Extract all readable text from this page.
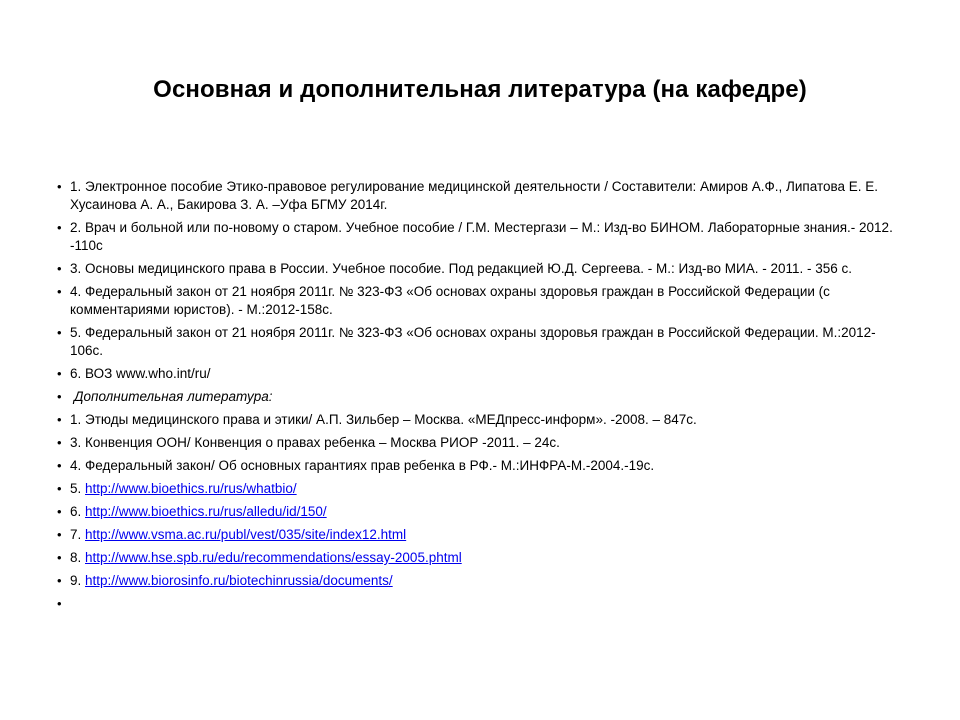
Основная и дополнительная литература (на кафедре)
• 1. Электронное пособие Этико-правовое регулирование медицинской деятельности / Составители: Амиров А.Ф., Липатова Е. Е. Хусаинова А. А., Бакирова З. А. –Уфа БГМУ 2014г.
• 2. Врач и больной или по-новому о старом. Учебное пособие / Г.М. Местергази – М.: Изд-во БИНОМ. Лабораторные знания.- 2012. -110с
• 3. Основы медицинского права в России. Учебное пособие. Под редакцией Ю.Д. Сергеева. - М.: Изд-во МИА. - 2011. - 356 с.
• 4. Федеральный закон от 21 ноября 2011г. № 323-ФЗ «Об основах охраны здоровья граждан в Российской Федерации (с комментариями юристов). - М.:2012-158с.
• 5. Федеральный закон от 21 ноября 2011г. № 323-ФЗ «Об основах охраны здоровья граждан в Российской Федерации. М.:2012-106с.
• 6. ВОЗ www.who.int/ru/
• Дополнительная литература:
• 1. Этюды медицинского права и этики/ А.П. Зильбер – Москва. «МЕДпресс-информ». -2008. – 847с.
• 3. Конвенция ООН/ Конвенция о правах ребенка – Москва РИОР -2011. – 24с.
• 4. Федеральный закон/ Об основных гарантиях прав ребенка в РФ.- М.:ИНФРА-М.-2004.-19с.
• 5. http://www.bioethics.ru/rus/whatbio/
• 6. http://www.bioethics.ru/rus/alledu/id/150/
• 7. http://www.vsma.ac.ru/publ/vest/035/site/index12.html
• 8. http://www.hse.spb.ru/edu/recommendations/essay-2005.phtml
• 9. http://www.biorosinfo.ru/biotechinrussia/documents/
•
